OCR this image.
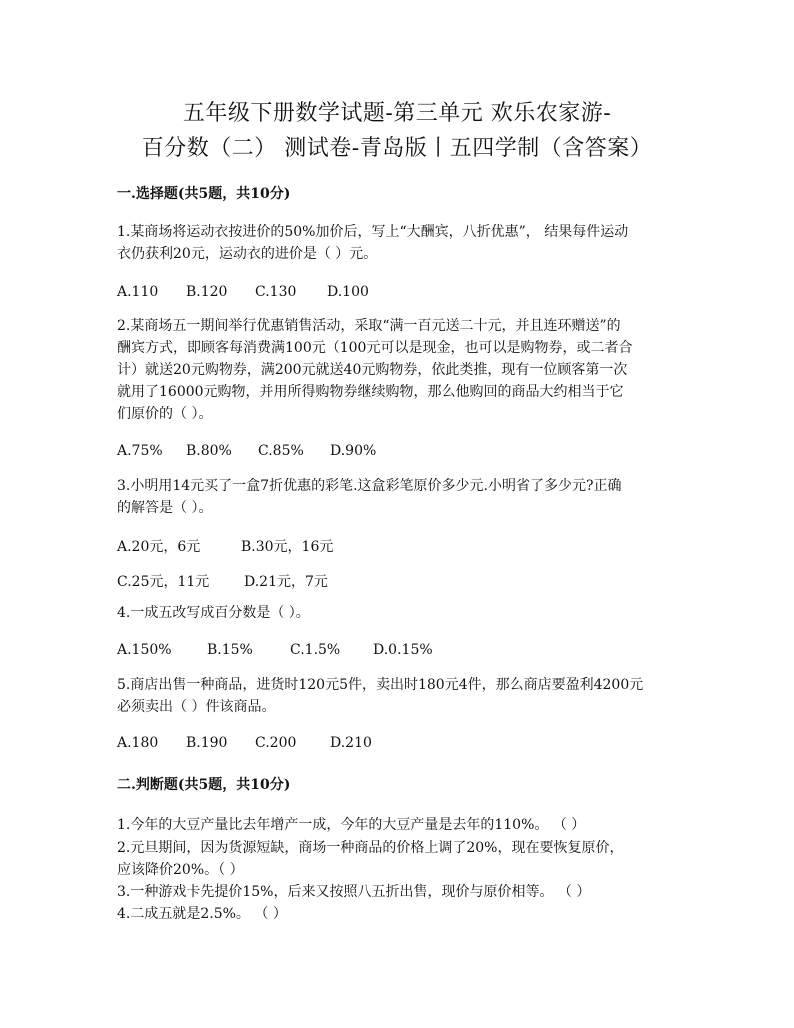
五年级下册数学试题-第三单元 欢乐农家游-
百分数（二） 测试卷-青岛版丨五四学制（含答案）
一.选择题(共5题，共10分)
1.某商场将运动衣按进价的50%加价后，写上“大酬宾，八折优惠”， 结果每件运动
衣仍获利20元，运动衣的进价是（ ）元。
A.110 B.120 C.130 D.100
2.某商场五一期间举行优惠销售活动，采取“满一百元送二十元，并且连环赠送”的
酬宾方式，即顾客每消费满100元（100元可以是现金，也可以是购物券，或二者合
计）就送20元购物券，满200元就送40元购物券，依此类推，现有一位顾客第一次
就用了16000元购物，并用所得购物券继续购物，那么他购回的商品大约相当于它
们原价的（ ）。
A.75% B.80% C.85% D.90%
3.小明用14元买了一盒7折优惠的彩笔.这盒彩笔原价多少元.小明省了多少元?正确
的解答是（ ）。
A.20元，6元	B.30元，16元
C.25元，11元 D.21元，7元
4.一成五改写成百分数是（ ）。
A.150%	B.15%	C.1.5% D.0.15%
5.商店出售一种商品，进货时120元5件，卖出时180元4件，那么商店要盈利4200元
必须卖出（ ）件该商品。
A.180 B.190 C.200 D.210
二.判断题(共5题，共10分)
1.今年的大豆产量比去年增产一成，今年的大豆产量是去年的110%。 （ ）
2.元旦期间，因为货源短缺，商场一种商品的价格上调了20%，现在要恢复原价，
应该降价20%。（ ）
3.一种游戏卡先提价15%，后来又按照八五折出售，现价与原价相等。 （ ）
4.二成五就是2.5%。 （ ）
